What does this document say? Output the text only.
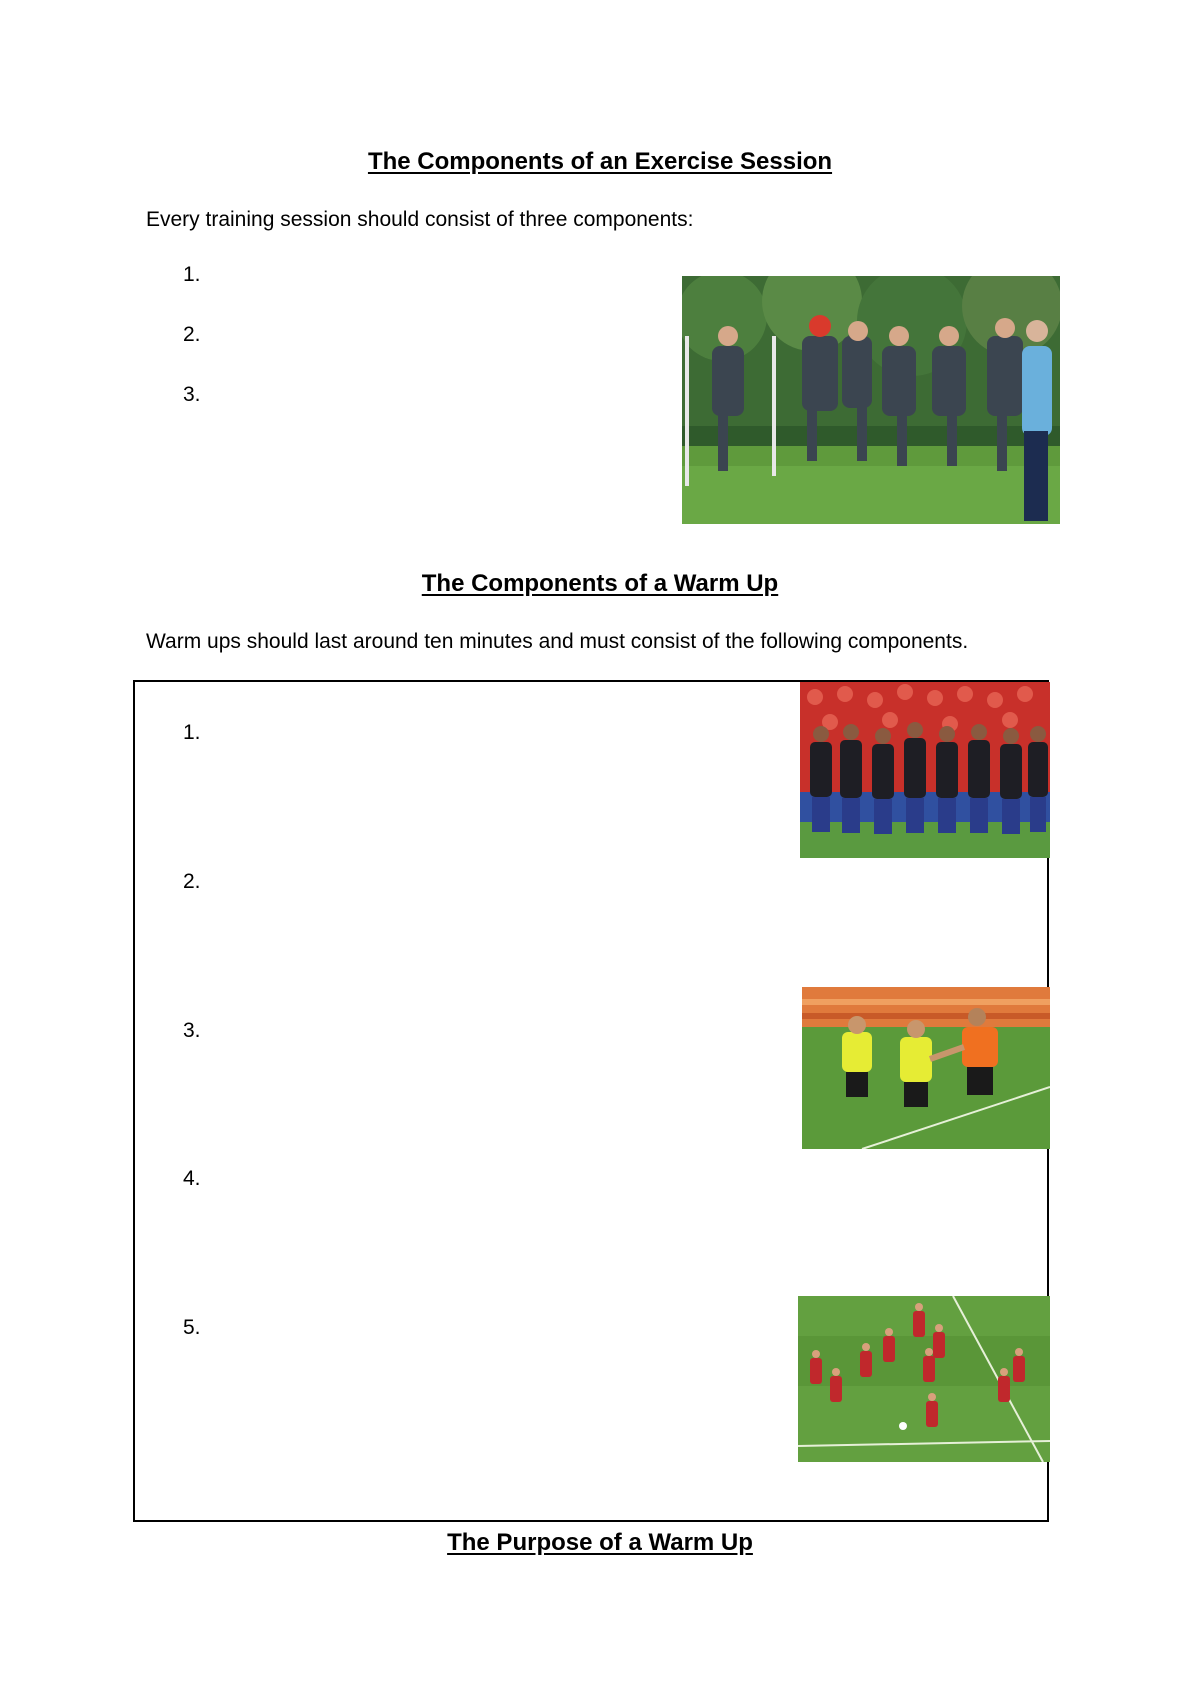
The Components of an Exercise Session
Every training session should consist of three components:
1.
2.
3.
The Components of a Warm Up
Warm ups should last around ten minutes and must consist of the following components.
1.
2.
3.
4.
5.
The Purpose of a Warm Up
